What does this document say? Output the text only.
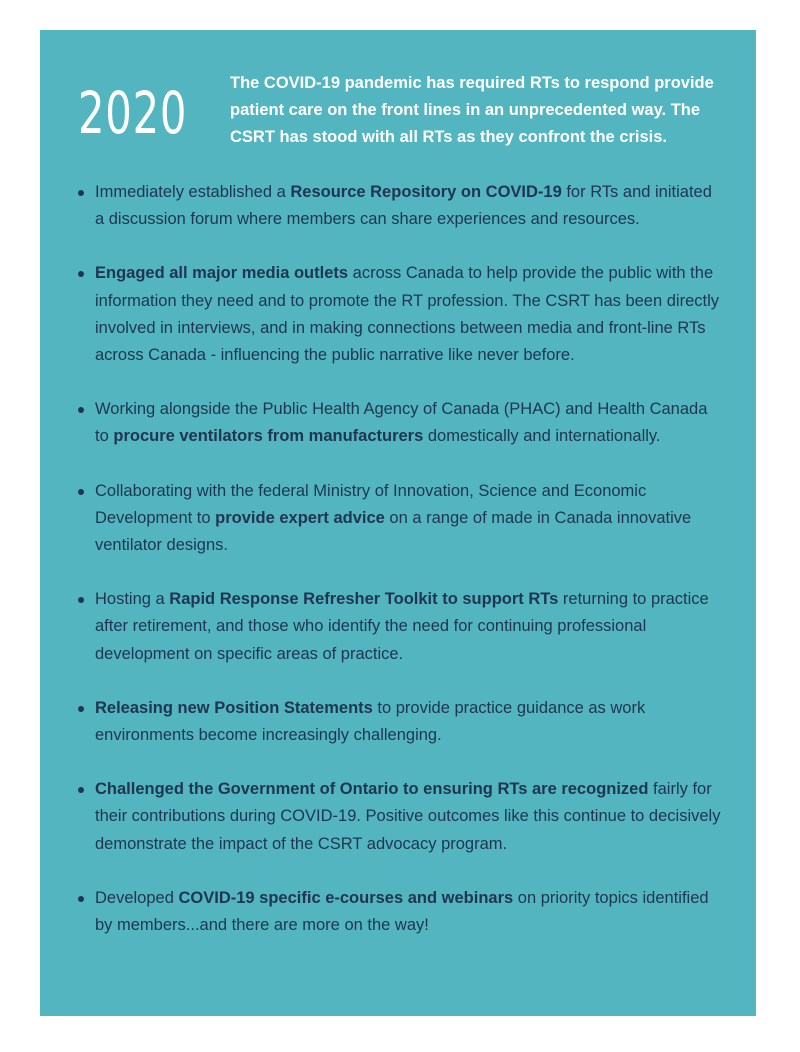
2020	The COVID-19 pandemic has required RTs to respond provide patient care on the front lines in an unprecedented way. The CSRT has stood with all RTs as they confront the crisis.
Immediately established a Resource Repository on COVID-19 for RTs and initiated a discussion forum where members can share experiences and resources.
Engaged all major media outlets across Canada to help provide the public with the information they need and to promote the RT profession. The CSRT has been directly involved in interviews, and in making connections between media and front-line RTs across Canada - influencing the public narrative like never before.
Working alongside the Public Health Agency of Canada (PHAC) and Health Canada to procure ventilators from manufacturers domestically and internationally.
Collaborating with the federal Ministry of Innovation, Science and Economic Development to provide expert advice on a range of made in Canada innovative ventilator designs.
Hosting a Rapid Response Refresher Toolkit to support RTs returning to practice after retirement, and those who identify the need for continuing professional development on specific areas of practice.
Releasing new Position Statements to provide practice guidance as work environments become increasingly challenging.
Challenged the Government of Ontario to ensuring RTs are recognized fairly for their contributions during COVID-19. Positive outcomes like this continue to decisively demonstrate the impact of the CSRT advocacy program.
Developed COVID-19 specific e-courses and webinars on priority topics identified by members...and there are more on the way!
